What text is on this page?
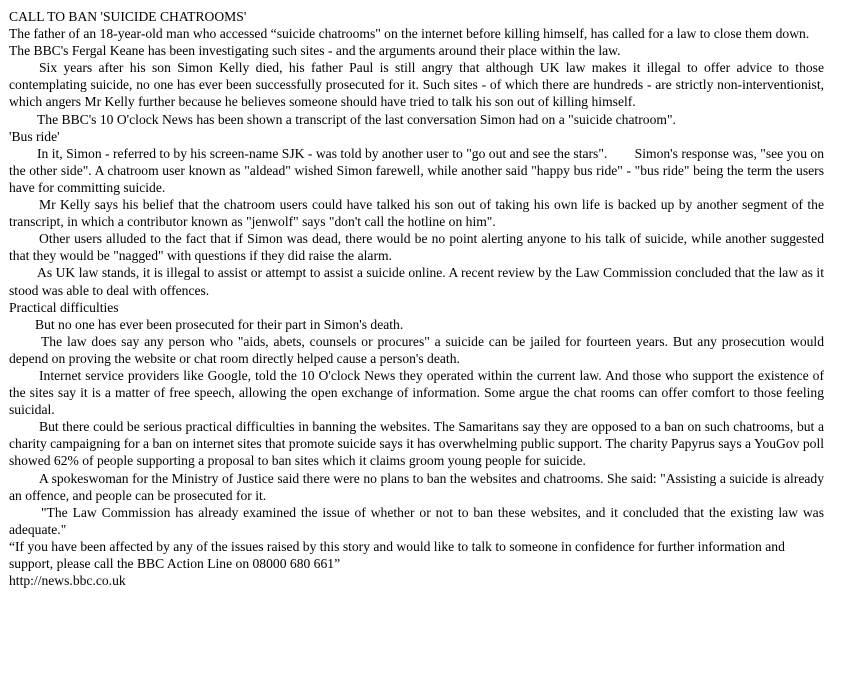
CALL TO BAN 'SUICIDE CHATROOMS'

The father of an 18-year-old man who accessed “suicide chatrooms" on the internet before killing himself, has called for a law to close them down.

The BBC's Fergal Keane has been investigating such sites - and the arguments around their place within the law.

Six years after his son Simon Kelly died, his father Paul is still angry that although UK law makes it illegal to offer advice to those contemplating suicide, no one has ever been successfully prosecuted for it. Such sites - of which there are hundreds - are strictly non-interventionist, which angers Mr Kelly further because he believes someone should have tried to talk his son out of killing himself.

The BBC's 10 O'clock News has been shown a transcript of the last conversation Simon had on a "suicide chatroom".

'Bus ride'

In it, Simon - referred to by his screen-name SJK - was told by another user to "go out and see the stars".        Simon's response was, "see you on the other side". A chatroom user known as "aldead" wished Simon farewell, while another said "happy bus ride" - "bus ride" being the term the users have for committing suicide.

Mr Kelly says his belief that the chatroom users could have talked his son out of taking his own life is backed up by another segment of the transcript, in which a contributor known as "jenwolf" says "don't call the hotline on him".

Other users alluded to the fact that if Simon was dead, there would be no point alerting anyone to his talk of suicide, while another suggested that they would be "nagged" with questions if they did raise the alarm.

As UK law stands, it is illegal to assist or attempt to assist a suicide online. A recent review by the Law Commission concluded that the law as it stood was able to deal with offences.

Practical difficulties

But no one has ever been prosecuted for their part in Simon's death.

The law does say any person who "aids, abets, counsels or procures" a suicide can be jailed for fourteen years. But any prosecution would depend on proving the website or chat room directly helped cause a person's death.

Internet service providers like Google, told the 10 O'clock News they operated within the current law. And those who support the existence of the sites say it is a matter of free speech, allowing the open exchange of information. Some argue the chat rooms can offer comfort to those feeling suicidal.

But there could be serious practical difficulties in banning the websites. The Samaritans say they are opposed to a ban on such chatrooms, but a charity campaigning for a ban on internet sites that promote suicide says it has overwhelming public support. The charity Papyrus says a YouGov poll showed 62% of people supporting a proposal to ban sites which it claims groom young people for suicide.

A spokeswoman for the Ministry of Justice said there were no plans to ban the websites and chatrooms. She said: "Assisting a suicide is already an offence, and people can be prosecuted for it.

"The Law Commission has already examined the issue of whether or not to ban these websites, and it concluded that the existing law was adequate."

“If you have been affected by any of the issues raised by this story and would like to talk to someone in confidence for further information and support, please call the BBC Action Line on 08000 680 661”

http://news.bbc.co.uk
